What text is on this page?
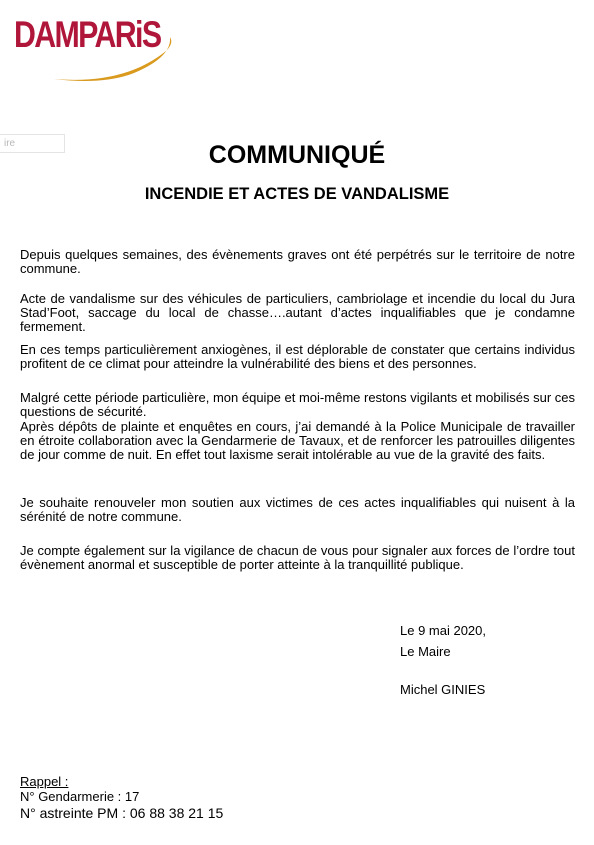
DAMPARiS
ire	COMMUNIQUÉ
INCENDIE ET ACTES DE VANDALISME
Depuis quelques semaines, des évènements graves ont été perpétrés sur le territoire de notre commune.
Acte de vandalisme sur des véhicules de particuliers, cambriolage et incendie du local du Jura Stad’Foot, saccage du local de chasse….autant d’actes inqualifiables que je condamne fermement.
En ces temps particulièrement anxiogènes, il est déplorable de constater que certains individus profitent de ce climat pour atteindre la vulnérabilité des biens et des personnes.
Malgré cette période particulière, mon équipe et moi-même restons vigilants et mobilisés sur ces questions de sécurité.
Après dépôts de plainte et enquêtes en cours, j’ai demandé à la Police Municipale de travailler en étroite collaboration avec la Gendarmerie de Tavaux, et de renforcer les patrouilles diligentes de jour comme de nuit. En effet tout laxisme serait intolérable au vue de la gravité des faits.
Je souhaite renouveler mon soutien aux victimes de ces actes inqualifiables qui nuisent à la sérénité de notre commune.
Je compte également sur la vigilance de chacun de vous pour signaler aux forces de l’ordre tout évènement anormal et susceptible de porter atteinte à la tranquillité publique.
Le 9 mai 2020,
Le Maire
Michel GINIES
Rappel :
N° Gendarmerie : 17
N° astreinte PM : 06 88 38 21 15
